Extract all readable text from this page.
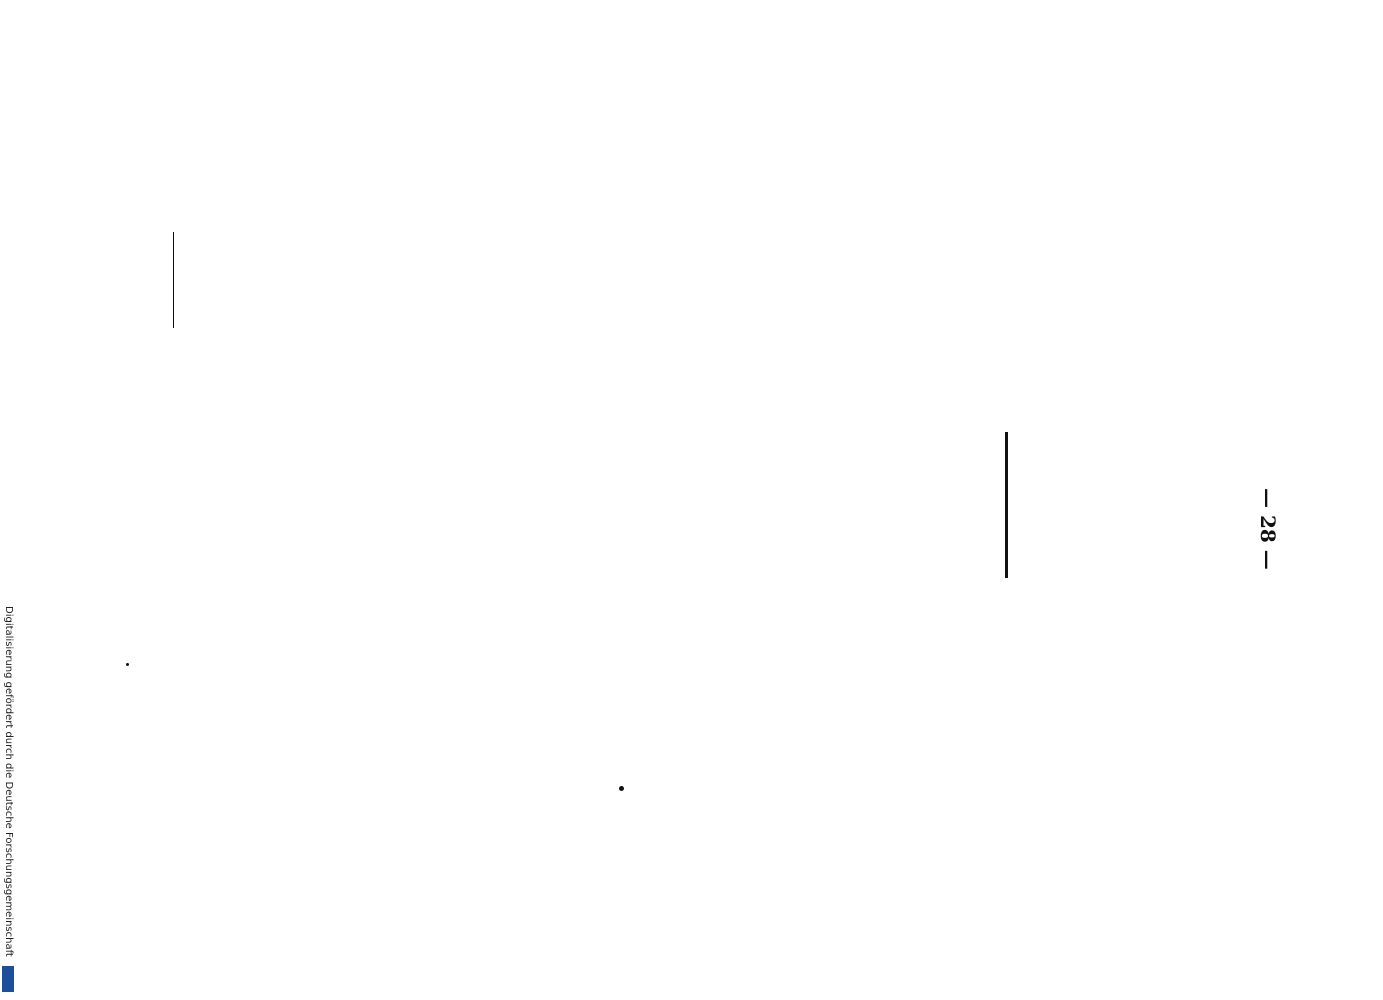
— 28 —
Digitalisierung gefördert durch die Deutsche Forschungsgemeinschaft
